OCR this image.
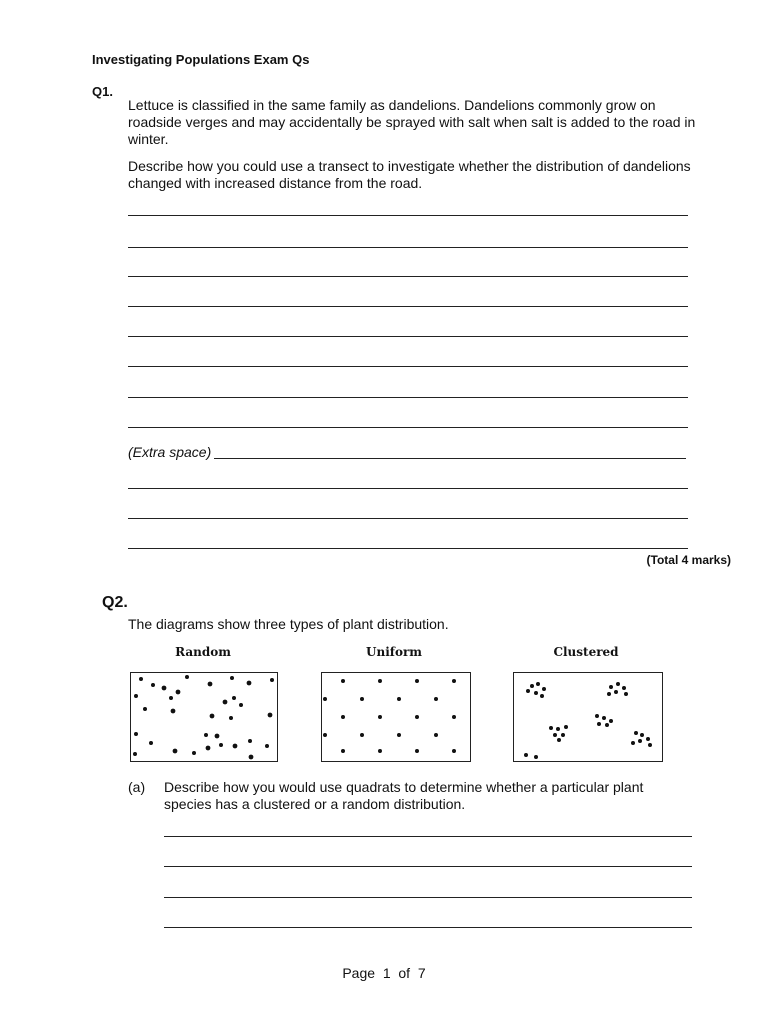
Investigating Populations Exam Qs
Q1.
Lettuce is classified in the same family as dandelions. Dandelions commonly grow on roadside verges and may accidentally be sprayed with salt when salt is added to the road in winter.
Describe how you could use a transect to investigate whether the distribution of dandelions changed with increased distance from the road.
(Extra space)
(Total 4 marks)
Q2.
The diagrams show three types of plant distribution.
Random	Uniform	Clustered
(a) Describe how you would use quadrats to determine whether a particular plant species has a clustered or a random distribution.
Page  1  of  7
